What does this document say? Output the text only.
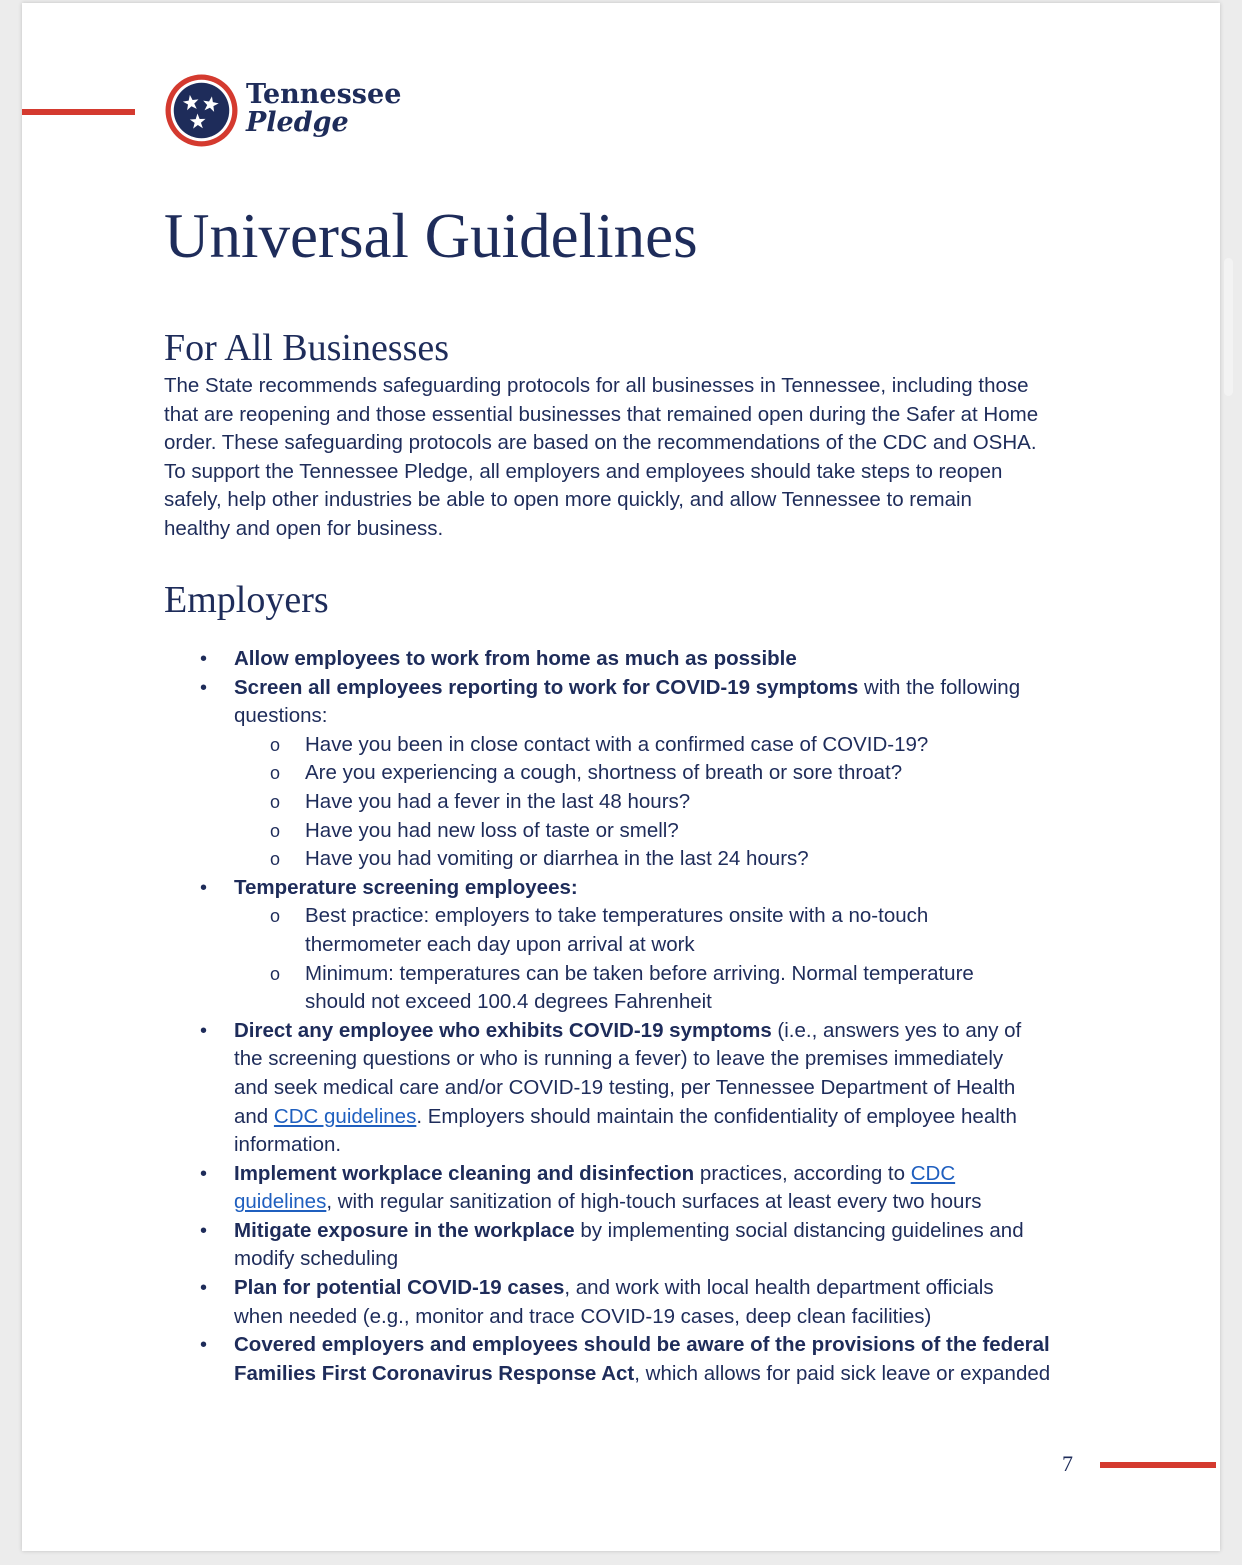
Tennessee
Pledge
Universal Guidelines
For All Businesses

The State recommends safeguarding protocols for all businesses in Tennessee, including those
that are reopening and those essential businesses that remained open during the Safer at Home
order. These safeguarding protocols are based on the recommendations of the CDC and OSHA.
To support the Tennessee Pledge, all employers and employees should take steps to reopen
safely, help other industries be able to open more quickly, and allow Tennessee to remain
healthy and open for business.

Employers
• Allow employees to work from home as much as possible
• Screen all employees reporting to work for COVID-19 symptoms with the following
questions:
o Have you been in close contact with a confirmed case of COVID-19?
o Are you experiencing a cough, shortness of breath or sore throat?
o Have you had a fever in the last 48 hours?
o Have you had new loss of taste or smell?
o Have you had vomiting or diarrhea in the last 24 hours?
• Temperature screening employees:
o Best practice: employers to take temperatures onsite with a no-touch
thermometer each day upon arrival at work
o Minimum: temperatures can be taken before arriving. Normal temperature
should not exceed 100.4 degrees Fahrenheit
• Direct any employee who exhibits COVID-19 symptoms (i.e., answers yes to any of
the screening questions or who is running a fever) to leave the premises immediately
and seek medical care and/or COVID-19 testing, per Tennessee Department of Health
and CDC guidelines. Employers should maintain the confidentiality of employee health
information.
• Implement workplace cleaning and disinfection practices, according to CDC
guidelines, with regular sanitization of high-touch surfaces at least every two hours
• Mitigate exposure in the workplace by implementing social distancing guidelines and
modify scheduling
• Plan for potential COVID-19 cases, and work with local health department officials
when needed (e.g., monitor and trace COVID-19 cases, deep clean facilities)
• Covered employers and employees should be aware of the provisions of the federal
Families First Coronavirus Response Act, which allows for paid sick leave or expanded
7
